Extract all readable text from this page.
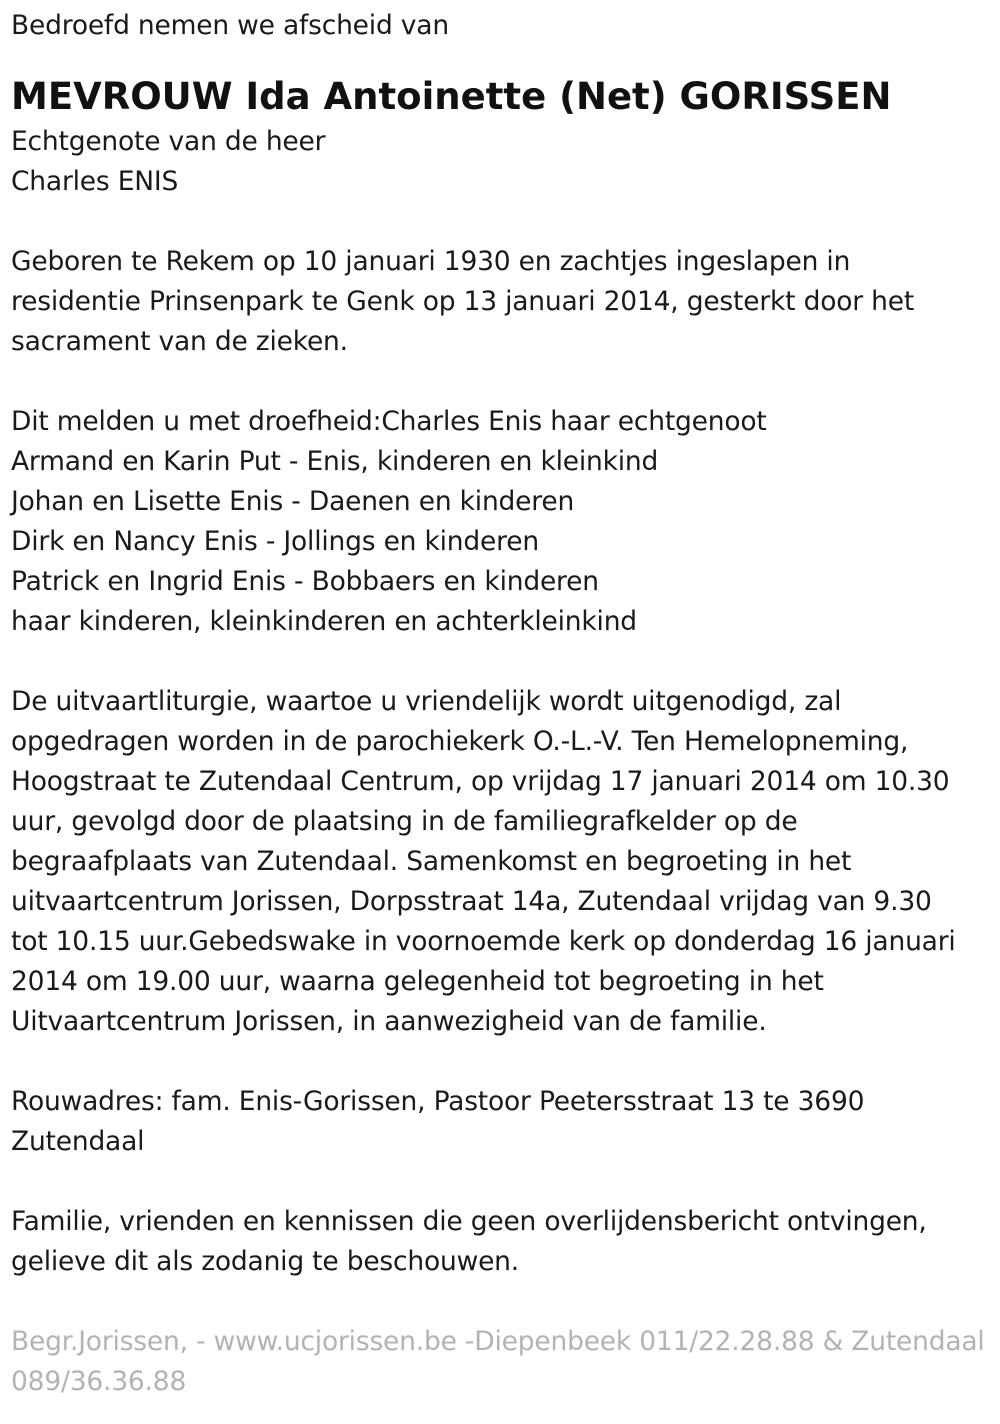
Bedroefd nemen we afscheid van

MEVROUW Ida Antoinette (Net) GORISSEN
Echtgenote van de heer
Charles ENIS
Geboren te Rekem op 10 januari 1930 en zachtjes ingeslapen in
residentie Prinsenpark te Genk op 13 januari 2014, gesterkt door het
sacrament van de zieken.
Dit melden u met droefheid:Charles Enis haar echtgenoot
Armand en Karin Put - Enis, kinderen en kleinkind
Johan en Lisette Enis - Daenen en kinderen
Dirk en Nancy Enis - Jollings en kinderen
Patrick en Ingrid Enis - Bobbaers en kinderen
haar kinderen, kleinkinderen en achterkleinkind
De uitvaartliturgie, waartoe u vriendelijk wordt uitgenodigd, zal
opgedragen worden in de parochiekerk O.-L.-V. Ten Hemelopneming,
Hoogstraat te Zutendaal Centrum, op vrijdag 17 januari 2014 om 10.30
uur, gevolgd door de plaatsing in de familiegrafkelder op de
begraafplaats van Zutendaal. Samenkomst en begroeting in het
uitvaartcentrum Jorissen, Dorpsstraat 14a, Zutendaal vrijdag van 9.30
tot 10.15 uur.Gebedswake in voornoemde kerk op donderdag 16 januari
2014 om 19.00 uur, waarna gelegenheid tot begroeting in het
Uitvaartcentrum Jorissen, in aanwezigheid van de familie.
Rouwadres: fam. Enis-Gorissen, Pastoor Peetersstraat 13 te 3690
Zutendaal
Familie, vrienden en kennissen die geen overlijdensbericht ontvingen,
gelieve dit als zodanig te beschouwen.
Begr.Jorissen, - www.ucjorissen.be -Diepenbeek 011/22.28.88 & Zutendaal
089/36.36.88
